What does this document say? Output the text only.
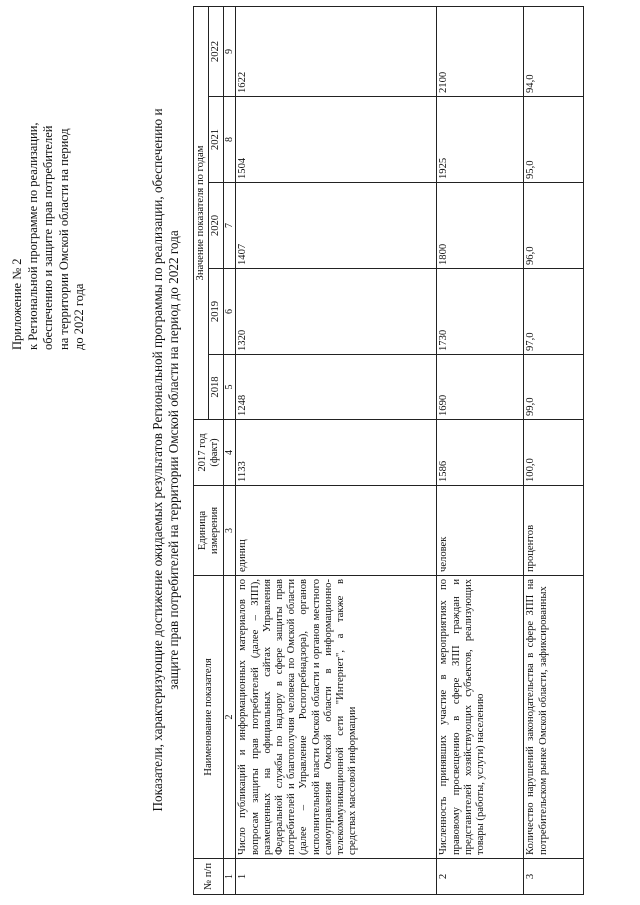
Приложение № 2 к Региональной программе по реализации, обеспечению и защите прав потребителей на территории Омской области на период до 2022 года	Показатели, характеризующие достижение ожидаемых результатов Региональной программы по реализации, обеспечению и защите прав потребителей на территории Омской области на период до 2022 года
№ п/п	Наименование показателя	Единица измерения	2017 год (факт)	Значение показателя по годам				
				2018	2019	2020	2021	2022
1	2	3	4	5	6	7	8	9
1	Число публикаций и информационных материалов по вопросам защиты прав потребителей (далее – ЗПП), размещенных на официальных сайтах Управления Федеральной службы по надзору в сфере защиты прав потребителей и благополучия человека по Омской области (далее – Управление Роспотребнадзора), органов исполнительной власти Омской области и органов местного самоуправления Омской области в информационно-телекоммуникационной сети "Интернет", а также в средствах массовой информации	единиц	1133	1248	1320	1407	1504	1622
2	Численность принявших участие в мероприятиях по правовому просвещению в сфере ЗПП граждан и представителей хозяйствующих субъектов, реализующих товары (работы, услуги) населению	человек	1586	1690	1730	1800	1925	2100
3	Количество нарушений законодательства в сфере ЗПП на потребительском рынке Омской области, зафиксированных	процентов	100,0	99,0	97,0	96,0	95,0	94,0
